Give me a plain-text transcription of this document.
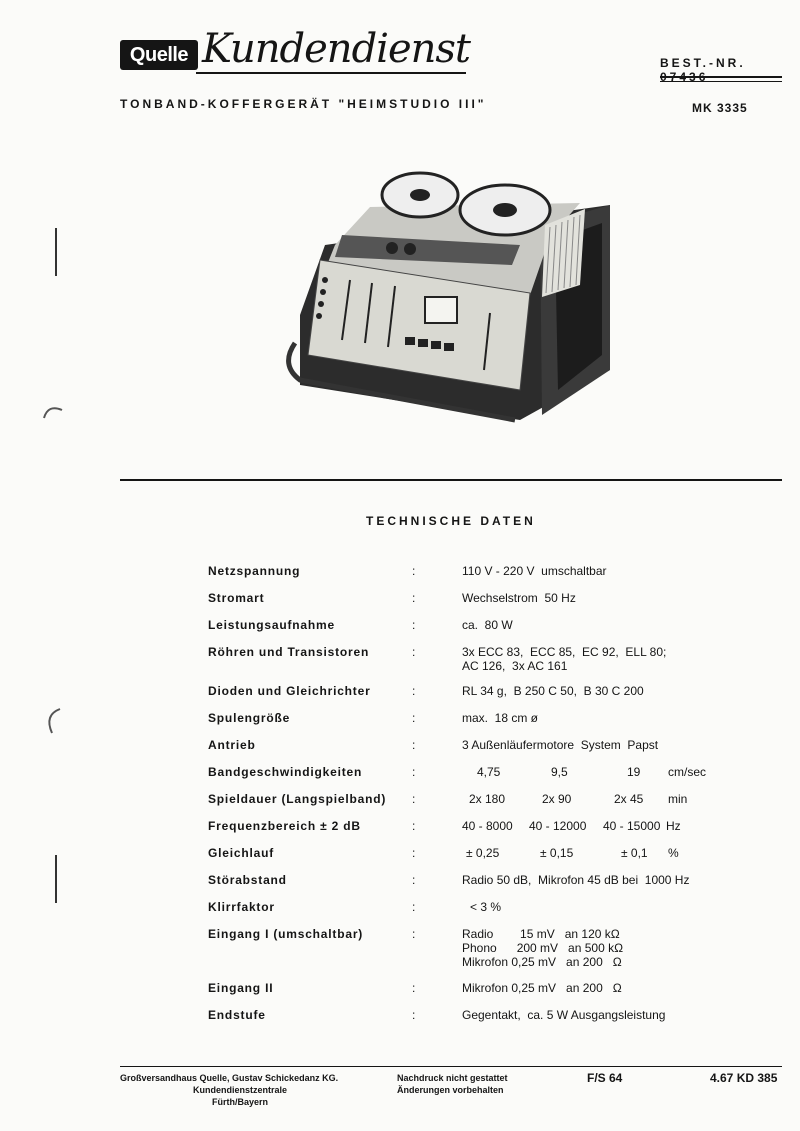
Quelle Kundendienst	BEST.-NR.
TONBAND-KOFFERGERÄT "HEIMSTUDIO III"	MK 3335
TECHNISCHE DATEN
Netzspannung	:	110 V - 220 V  umschaltbar
Stromart	:	Wechselstrom  50 Hz
Leistungsaufnahme	:	ca.  80 W
Röhren und Transistoren	:	3x ECC 83,  ECC 85,  EC 92,  ELL 80;
AC 126,  3x AC 161
Dioden und Gleichrichter	:	RL 34 g,  B 250 C 50,  B 30 C 200
Spulengröße	:	max.  18 cm ø
Antrieb	:	3 Außenläufermotore  System  Papst
Bandgeschwindigkeiten	:	4,75	9,5	19 cm/sec
Spieldauer (Langspielband) :	2x 180	2x 90	2x 45 min
Frequenzbereich ± 2 dB	:	40 - 8000 40 - 12000 40 - 15000 Hz
Gleichlauf	:	± 0,25	± 0,15	± 0,1 %
Störabstand	:	Radio 50 dB,  Mikrofon 45 dB bei  1000 Hz
Klirrfaktor	:	< 3 %
Eingang I (umschaltbar)	:	Radio        15 mV   an 120 kΩ
Phono      200 mV   an 500 kΩ
Mikrofon 0,25 mV   an 200   Ω
Eingang II	:	Mikrofon 0,25 mV   an 200   Ω
Endstufe	:	Gegentakt,  ca. 5 W Ausgangsleistung
Großversandhaus Quelle, Gustav Schickedanz KG.
Kundendienstzentrale
Fürth/Bayern
Nachdruck nicht gestattet
Änderungen vorbehalten
F/S 64	4.67 KD 385
